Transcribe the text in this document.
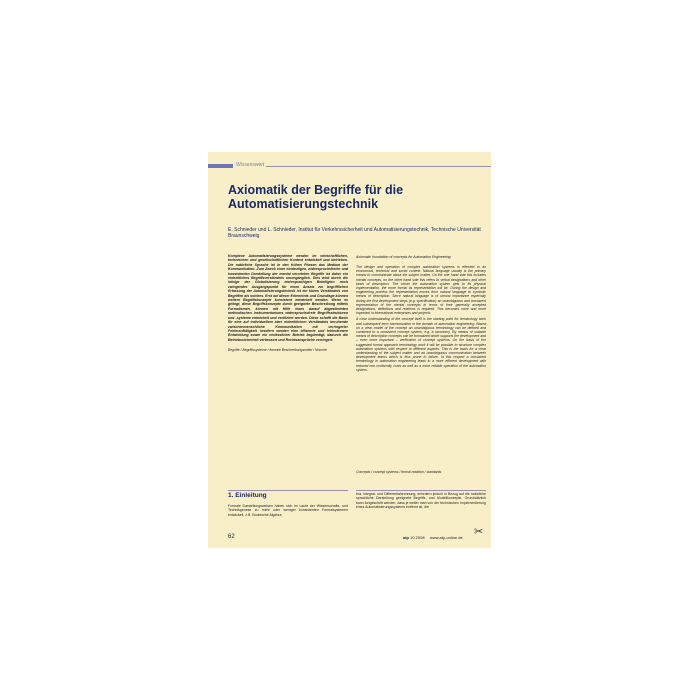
Wissenswert
Axiomatik der Begriffe für die Automatisierungstechnik
E. Schnieder und L. Schnieder, Institut für Verkehrssicherheit und Automatisierungstechnik, Technische Universität Braunschweig

Komplexe Automatisierungssysteme werden im wirtschaftlichen, technischen und gesellschaftlichen Kontext entwickelt und betrieben. Die natürliche Sprache ist in den frühen Phasen das Medium der Kommunikation. Zum Zweck einer eindeutigen, widerspruchsfreien und konsistenten Darstellung der mental verorteten Begriffe ist daher ein einheitliches Begriffsverständnis unumgänglich. Dies wird durch die infolge der Globalisierung mehrsprachigen Beteiligten noch zwingender. Ausgangspunkt für einen Ansatz zur begrifflichen Erfassung der Automatisierungstechnik ist ein klares Verständnis von Begriffen als solches. Erst auf dieser Erkenntnis und Grundlage können weitere Begriffskonzepte konsistent entwickelt werden. Wenn es gelingt, diese Begriffskonzepte durch geeignete Beschreibung mittels Formalismen, können mit Hilfe eines darauf abgestimmten methodischen Instrumentariums widerspruchsfreie Begriffsstrukturen und -systeme entwickelt und verifiziert werden. Diese schafft die Basis für eine auf individuellem aber einheitlichem Verständnis beruhende zwischenmenschliche Kommunikation mit verringerter Fehleranfälligkeit. Insofern werden eine effiziente und fehlerärmere Entwicklung sowie ein verlässlicher Betrieb begünstigt, dadurch die Betriebssicherheit verbessert und Rechtsansprüche verringert.

Begriffe / Begriffssysteme / formale Beschreibungsmittel / Normen
Axiomatic foundation of concepts for Automation Engineering

The design and operation of complex automation systems is effected in an economical, technical and social context. Natural language usually is the primary means to communicate about the subject matter. On the one hand side this includes mental concepts, on the other hand side this refers to verbal designations and other kinds of description. The closer the automation system gets to its physical implementation, the more formal its representation will be. During the design and engineering process the representation moves from natural language to symbolic means of description. Since natural language is of utmost importance especially during the first development steps (e.g. specification) an unambiguous and consistent representation of the mental concepts in terms of their generally accepted designations, definitions and relations is required. This becomes more and more important in international enterprises and projects.

A clear understanding of the concept itself is the starting point for terminology work and subsequent term harmonization in the domain of automation engineering. Based on a clear model of the concept an unambiguous terminology can be defined and combined to a consistent concept system, e.g. a taxonomy. By means of suitable means of description concepts can be formalized which supports the development and – even more important – verification of concept systems. On the basis of the suggested formal approach terminology work it will be possible to structure complex automation systems with respect to different aspects. This is the basis for a clear understanding of the subject matter and an unambiguous communication between development teams which is less prone to failure. In this respect a consistent terminology in automation engineering leads to a more efficient development with reduced non-conformity costs as well as a more reliable operation of the automation system.

Concepts / concept systems / formal notation / standards
1. Einleitung
Formale Darstellungsweisen haben sich im Laufe der Wissenschafts- und Technikgenese zu mehr oder weniger konsistenten Formalsystemen entwickelt, z.B. Boolesche Algebra,
bra, Integral- und Differentialrechnung, erfordern jedoch in Bezug auf die natürliche sprachliche Darstellung geeignete Begriffs- und Modellkonzepte. Grundsätzlich kann fortgeschritt werden, dass je weiter man von der technischen Implementierung eines Automatisierungssystems entfernt ist, die
62	atp 10.2008 www.atp-online.de ✂
